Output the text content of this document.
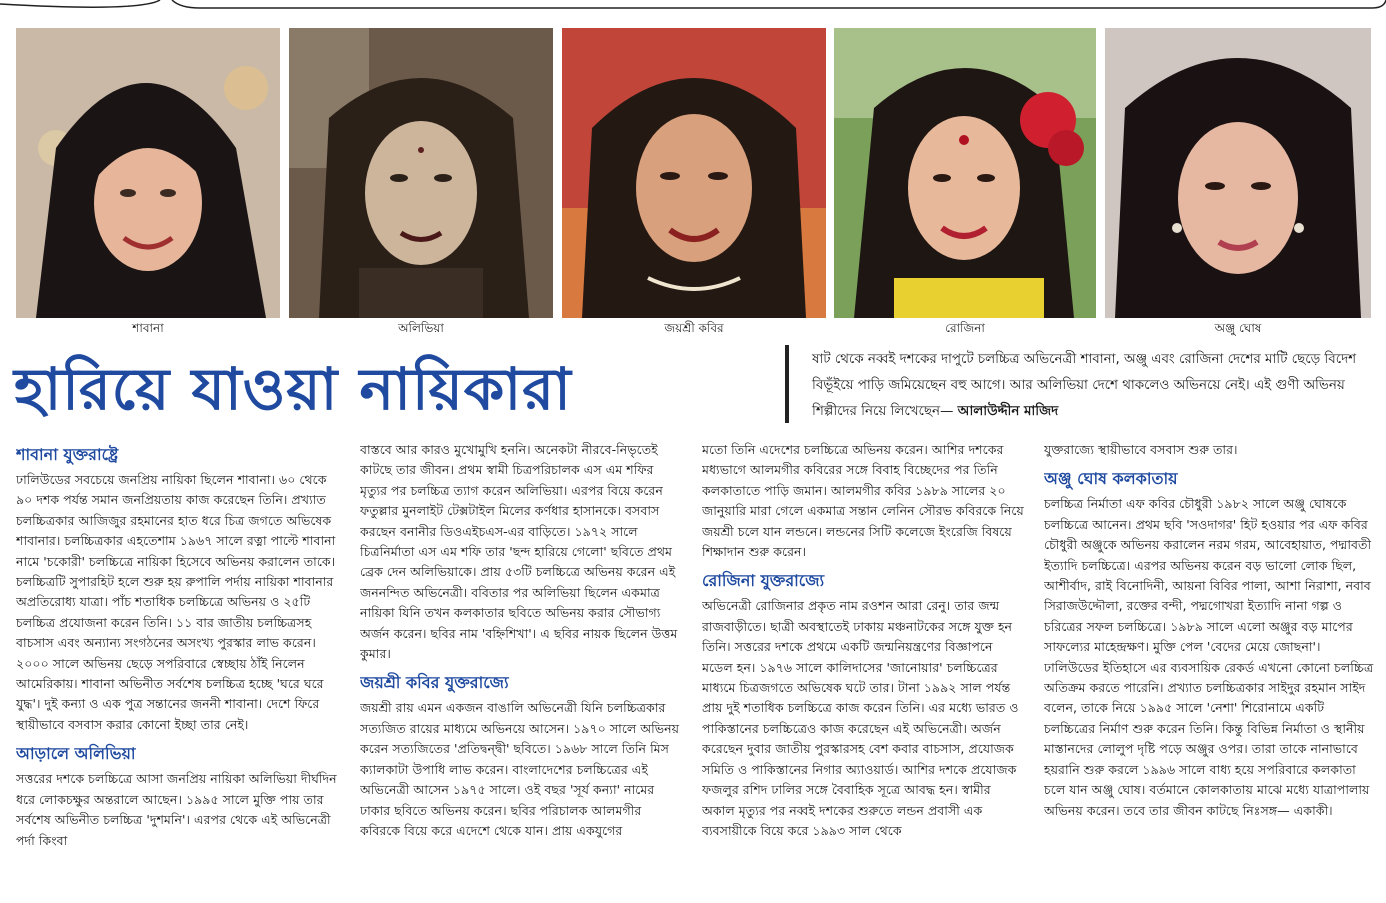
শাবানা	অলিভিয়া	জয়শ্রী কবির	রোজিনা	অঞ্জু ঘোষ
হারিয়ে যাওয়া নায়িকারা	ষাট থেকে নব্বই দশকের দাপুটে চলচ্চিত্র অভিনেত্রী শাবানা, অঞ্জু এবং রোজিনা দেশের মাটি ছেড়ে বিদেশ বিভূঁইয়ে পাড়ি জমিয়েছেন বহু আগে। আর অলিভিয়া দেশে থাকলেও অভিনয়ে নেই। এই গুণী অভিনয় শিল্পীদের নিয়ে লিখেছেন— আলাউদ্দীন মাজিদ
শাবানা যুক্তরাষ্ট্রে

ঢালিউডের সবচেয়ে জনপ্রিয় নায়িকা ছিলেন শাবানা। ৬০ থেকে ৯০ দশক পর্যন্ত সমান জনপ্রিয়তায় কাজ করেছেন তিনি। প্রখ্যাত চলচ্চিত্রকার আজিজুর রহমানের হাত ধরে চিত্র জগতে অভিষেক শাবানার। চলচ্চিত্রকার এহতেশাম ১৯৬৭ সালে রত্না পাল্টে শাবানা নামে 'চকোরী' চলচ্চিত্রে নায়িকা হিসেবে অভিনয় করালেন তাকে। চলচ্চিত্রটি সুপারহিট হলে শুরু হয় রুপালি পর্দায় নায়িকা শাবানার অপ্রতিরোধ্য যাত্রা। পাঁচ শতাধিক চলচ্চিত্রে অভিনয় ও ২৫টি চলচ্চিত্র প্রযোজনা করেন তিনি। ১১ বার জাতীয় চলচ্চিত্রসহ বাচসাস এবং অন্যান্য সংগঠনের অসংখ্য পুরস্কার লাভ করেন। ২০০০ সালে অভিনয় ছেড়ে সপরিবারে স্বেচ্ছায় ঠাঁই নিলেন আমেরিকায়। শাবানা অভিনীত সর্বশেষ চলচ্চিত্র হচ্ছে 'ঘরে ঘরে যুদ্ধ'। দুই কন্যা ও এক পুত্র সন্তানের জননী শাবানা। দেশে ফিরে স্থায়ীভাবে বসবাস করার কোনো ইচ্ছা তার নেই।

আড়ালে অলিভিয়া

সত্তরের দশকে চলচ্চিত্রে আসা জনপ্রিয় নায়িকা অলিভিয়া দীর্ঘদিন ধরে লোকচক্ষুর অন্তরালে আছেন। ১৯৯৫ সালে মুক্তি পায় তার সর্বশেষ অভিনীত চলচ্চিত্র 'দুশমনি'। এরপর থেকে এই অভিনেত্রী পর্দা কিংবা

বাস্তবে আর কারও মুখোমুখি হননি। অনেকটা নীরবে-নিভৃতেই কাটছে তার জীবন। প্রথম স্বামী চিত্রপরিচালক এস এম শফির মৃত্যুর পর চলচ্চিত্র ত্যাগ করেন অলিভিয়া। এরপর বিয়ে করেন ফতুল্লার মুনলাইট টেক্সটাইল মিলের কর্ণধার হাসানকে। বসবাস করছেন বনানীর ডিওএইচএস-এর বাড়িতে। ১৯৭২ সালে চিত্রনির্মাতা এস এম শফি তার 'ছন্দ হারিয়ে গেলো' ছবিতে প্রথম ব্রেক দেন অলিভিয়াকে। প্রায় ৫৩টি চলচ্চিত্রে অভিনয় করেন এই জননন্দিত অভিনেত্রী। ববিতার পর অলিভিয়া ছিলেন একমাত্র নায়িকা যিনি তখন কলকাতার ছবিতে অভিনয় করার সৌভাগ্য অর্জন করেন। ছবির নাম 'বহ্নিশিখা'। এ ছবির নায়ক ছিলেন উত্তম কুমার।

জয়শ্রী কবির যুক্তরাজ্যে

জয়শ্রী রায় এমন একজন বাঙালি অভিনেত্রী যিনি চলচ্চিত্রকার সত্যজিত রায়ের মাধ্যমে অভিনয়ে আসেন। ১৯৭০ সালে অভিনয় করেন সত্যজিতের 'প্রতিদ্বন্দ্বী' ছবিতে। ১৯৬৮ সালে তিনি মিস ক্যালকাটা উপাধি লাভ করেন। বাংলাদেশের চলচ্চিত্রের এই অভিনেত্রী আসেন ১৯৭৫ সালে। ওই বছর 'সূর্য কন্যা' নামের ঢাকার ছবিতে অভিনয় করেন। ছবির পরিচালক আলমগীর কবিরকে বিয়ে করে এদেশে থেকে যান। প্রায় একযুগের

মতো তিনি এদেশের চলচ্চিত্রে অভিনয় করেন। আশির দশকের মধ্যভাগে আলমগীর কবিরের সঙ্গে বিবাহ বিচ্ছেদের পর তিনি কলকাতাতে পাড়ি জমান। আলমগীর কবির ১৯৮৯ সালের ২০ জানুয়ারি মারা গেলে একমাত্র সন্তান লেনিন সৌরভ কবিরকে নিয়ে জয়শ্রী চলে যান লন্ডনে। লন্ডনের সিটি কলেজে ইংরেজি বিষয়ে শিক্ষাদান শুরু করেন।

রোজিনা যুক্তরাজ্যে

অভিনেত্রী রোজিনার প্রকৃত নাম রওশন আরা রেনু। তার জন্ম রাজবাড়ীতে। ছাত্রী অবস্থাতেই ঢাকায় মঞ্চনাটকের সঙ্গে যুক্ত হন তিনি। সত্তরের দশকে প্রথমে একটি জন্মনিয়ন্ত্রণের বিজ্ঞাপনে মডেল হন। ১৯৭৬ সালে কালিদাসের 'জানোয়ার' চলচ্চিত্রের মাধ্যমে চিত্রজগতে অভিষেক ঘটে তার। টানা ১৯৯২ সাল পর্যন্ত প্রায় দুই শতাধিক চলচ্চিত্রে কাজ করেন তিনি। এর মধ্যে ভারত ও পাকিস্তানের চলচ্চিত্রেও কাজ করেছেন এই অভিনেত্রী। অর্জন করেছেন দুবার জাতীয় পুরস্কারসহ বেশ কবার বাচসাস, প্রযোজক সমিতি ও পাকিস্তানের নিগার অ্যাওয়ার্ড। আশির দশকে প্রযোজক ফজলুর রশিদ ঢালির সঙ্গে বৈবাহিক সূত্রে আবদ্ধ হন। স্বামীর অকাল মৃত্যুর পর নব্বই দশকের শুরুতে লন্ডন প্রবাসী এক ব্যবসায়ীকে বিয়ে করে ১৯৯৩ সাল থেকে

যুক্তরাজ্যে স্থায়ীভাবে বসবাস শুরু তার।

অঞ্জু ঘোষ কলকাতায়

চলচ্চিত্র নির্মাতা এফ কবির চৌধুরী ১৯৮২ সালে অঞ্জু ঘোষকে চলচ্চিত্রে আনেন। প্রথম ছবি 'সওদাগর' হিট হওয়ার পর এফ কবির চৌধুরী অঞ্জুকে অভিনয় করালেন নরম গরম, আবেহায়াত, পদ্মাবতী ইত্যাদি চলচ্চিত্রে। এরপর অভিনয় করেন বড় ভালো লোক ছিল, আশীর্বাদ, রাই বিনোদিনী, আয়না বিবির পালা, আশা নিরাশা, নবাব সিরাজউদ্দৌলা, রক্তের বন্দী, পদ্মগোখরা ইত্যাদি নানা গল্প ও চরিত্রের সফল চলচ্চিত্রে। ১৯৮৯ সালে এলো অঞ্জুর বড় মাপের সাফল্যের মাহেন্দ্রক্ষণ। মুক্তি পেল 'বেদের মেয়ে জোছনা'। ঢালিউডের ইতিহাসে এর ব্যবসায়িক রেকর্ড এখনো কোনো চলচ্চিত্র অতিক্রম করতে পারেনি। প্রখ্যাত চলচ্চিত্রকার সাইদুর রহমান সাইদ বলেন, তাকে নিয়ে ১৯৯৫ সালে 'নেশা' শিরোনামে একটি চলচ্চিত্রের নির্মাণ শুরু করেন তিনি। কিন্তু বিভিন্ন নির্মাতা ও স্থানীয় মাস্তানদের লোলুপ দৃষ্টি পড়ে অঞ্জুর ওপর। তারা তাকে নানাভাবে হয়রানি শুরু করলে ১৯৯৬ সালে বাধ্য হয়ে সপরিবারে কলকাতা চলে যান অঞ্জু ঘোষ। বর্তমানে কোলকাতায় মাঝে মধ্যে যাত্রাপালায় অভিনয় করেন। তবে তার জীবন কাটছে নিঃসঙ্গ— একাকী।
